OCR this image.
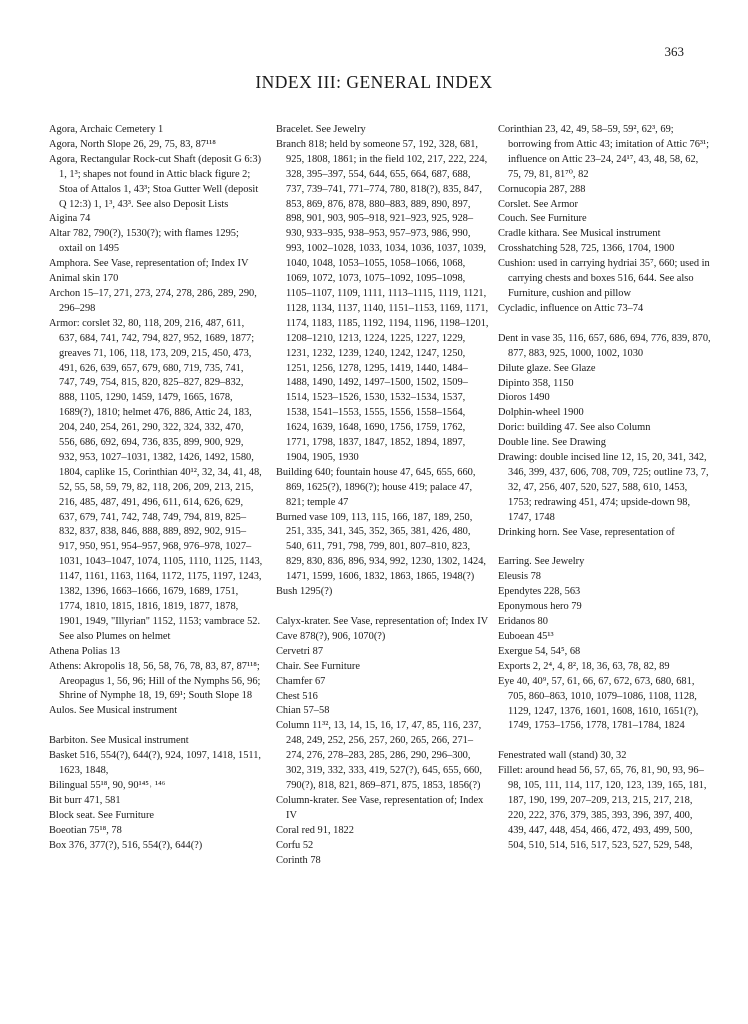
363
INDEX III: GENERAL INDEX
Agora, Archaic Cemetery 1
Agora, North Slope 26, 29, 75, 83, 87¹¹⁸
Agora, Rectangular Rock-cut Shaft (deposit G 6:3) 1, 1³; shapes not found in Attic black figure 2; Stoa of Attalos 1, 43³; Stoa Gutter Well (deposit Q 12:3) 1, 1³, 43³. See also Deposit Lists
Aigina 74
Altar 782, 790(?), 1530(?); with flames 1295; oxtail on 1495
Amphora. See Vase, representation of; Index IV
Animal skin 170
Archon 15–17, 271, 273, 274, 278, 286, 289, 290, 296–298
Armor: corslet 32, 80, 118, 209, 216, 487, 611, 637, 684, 741, 742, 794, 827, 952, 1689, 1877; greaves 71, 106, 118, 173, 209, 215, 450, 473, 491, 626, 639, 657, 679, 680, 719, 735, 741, 747, 749, 754, 815, 820, 825–827, 829–832, 888, 1105, 1290, 1459, 1479, 1665, 1678, 1689(?), 1810; helmet 476, 886, Attic 24, 183, 204, 240, 254, 261, 290, 322, 324, 332, 470, 556, 686, 692, 694, 736, 835, 899, 900, 929, 932, 953, 1027–1031, 1382, 1426, 1492, 1580, 1804, caplike 15, Corinthian 40¹², 32, 34, 41, 48, 52, 55, 58, 59, 79, 82, 118, 206, 209, 213, 215, 216, 485, 487, 491, 496, 611, 614, 626, 629, 637, 679, 741, 742, 748, 749, 794, 819, 825–832, 837, 838, 846, 888, 889, 892, 902, 915–917, 950, 951, 954–957, 968, 976–978, 1027–1031, 1043–1047, 1074, 1105, 1110, 1125, 1143, 1147, 1161, 1163, 1164, 1172, 1175, 1197, 1243, 1382, 1396, 1663–1666, 1679, 1689, 1751, 1774, 1810, 1815, 1816, 1819, 1877, 1878, 1901, 1949, "Illyrian" 1152, 1153; vambrace 52. See also Plumes on helmet
Athena Polias 13
Athens: Akropolis 18, 56, 58, 76, 78, 83, 87, 87¹¹⁸; Areopagus 1, 56, 96; Hill of the Nymphs 56, 96; Shrine of Nymphe 18, 19, 69¹; South Slope 18
Aulos. See Musical instrument
Barbiton. See Musical instrument
Basket 516, 554(?), 644(?), 924, 1097, 1418, 1511, 1623, 1848,
Bilingual 55¹⁸, 90, 90¹⁴⁵˒ ¹⁴⁶
Bit burr 471, 581
Block seat. See Furniture
Boeotian 75¹⁸, 78
Box 376, 377(?), 516, 554(?), 644(?)
Bracelet. See Jewelry
Branch 818; held by someone 57, 192, 328, 681, 925, 1808, 1861; in the field 102, 217, 222, 224, 328, 395–397, 554, 644, 655, 664, 687, 688, 737, 739–741, 771–774, 780, 818(?), 835, 847, 853, 869, 876, 878, 880–883, 889, 890, 897, 898, 901, 903, 905–918, 921–923, 925, 928–930, 933–935, 938–953, 957–973, 986, 990, 993, 1002–1028, 1033, 1034, 1036, 1037, 1039, 1040, 1048, 1053–1055, 1058–1066, 1068, 1069, 1072, 1073, 1075–1092, 1095–1098, 1105–1107, 1109, 1111, 1113–1115, 1119, 1121, 1128, 1134, 1137, 1140, 1151–1153, 1169, 1171, 1174, 1183, 1185, 1192, 1194, 1196, 1198–1201, 1208–1210, 1213, 1224, 1225, 1227, 1229, 1231, 1232, 1239, 1240, 1242, 1247, 1250, 1251, 1256, 1278, 1295, 1419, 1440, 1484–1488, 1490, 1492, 1497–1500, 1502, 1509–1514, 1523–1526, 1530, 1532–1534, 1537, 1538, 1541–1553, 1555, 1556, 1558–1564, 1624, 1639, 1648, 1690, 1756, 1759, 1762, 1771, 1798, 1837, 1847, 1852, 1894, 1897, 1904, 1905, 1930
Building 640; fountain house 47, 645, 655, 660, 869, 1625(?), 1896(?); house 419; palace 47, 821; temple 47
Burned vase 109, 113, 115, 166, 187, 189, 250, 251, 335, 341, 345, 352, 365, 381, 426, 480, 540, 611, 791, 798, 799, 801, 807–810, 823, 829, 830, 836, 896, 934, 992, 1230, 1302, 1424, 1471, 1599, 1606, 1832, 1863, 1865, 1948(?)
Bush 1295(?)
Calyx-krater. See Vase, representation of; Index IV
Cave 878(?), 906, 1070(?)
Cervetri 87
Chair. See Furniture
Chamfer 67
Chest 516
Chian 57–58
Column 11³², 13, 14, 15, 16, 17, 47, 85, 116, 237, 248, 249, 252, 256, 257, 260, 265, 266, 271–274, 276, 278–283, 285, 286, 290, 296–300, 302, 319, 332, 333, 419, 527(?), 645, 655, 660, 790(?), 818, 821, 869–871, 875, 1853, 1856(?)
Column-krater. See Vase, representation of; Index IV
Coral red 91, 1822
Corfu 52
Corinth 78
Corinthian 23, 42, 49, 58–59, 59², 62³, 69; borrowing from Attic 43; imitation of Attic 76³¹; influence on Attic 23–24, 24¹⁷, 43, 48, 58, 62, 75, 79, 81, 81⁷⁰, 82
Cornucopia 287, 288
Corslet. See Armor
Couch. See Furniture
Cradle kithara. See Musical instrument
Crosshatching 528, 725, 1366, 1704, 1900
Cushion: used in carrying hydriai 35⁷, 660; used in carrying chests and boxes 516, 644. See also Furniture, cushion and pillow
Cycladic, influence on Attic 73–74
Dent in vase 35, 116, 657, 686, 694, 776, 839, 870, 877, 883, 925, 1000, 1002, 1030
Dilute glaze. See Glaze
Dipinto 358, 1150
Dioros 1490
Dolphin-wheel 1900
Doric: building 47. See also Column
Double line. See Drawing
Drawing: double incised line 12, 15, 20, 341, 342, 346, 399, 437, 606, 708, 709, 725; outline 73, 7, 32, 47, 256, 407, 520, 527, 588, 610, 1453, 1753; redrawing 451, 474; upside-down 98, 1747, 1748
Drinking horn. See Vase, representation of
Earring. See Jewelry
Eleusis 78
Ependytes 228, 563
Eponymous hero 79
Eridanos 80
Euboean 45¹³
Exergue 54, 54⁵, 68
Exports 2, 2⁴, 4, 8², 18, 36, 63, 78, 82, 89
Eye 40, 40⁹, 57, 61, 66, 67, 672, 673, 680, 681, 705, 860–863, 1010, 1079–1086, 1108, 1128, 1129, 1247, 1376, 1601, 1608, 1610, 1651(?), 1749, 1753–1756, 1778, 1781–1784, 1824
Fenestrated wall (stand) 30, 32
Fillet: around head 56, 57, 65, 76, 81, 90, 93, 96–98, 105, 111, 114, 117, 120, 123, 139, 165, 181, 187, 190, 199, 207–209, 213, 215, 217, 218, 220, 222, 376, 379, 385, 393, 396, 397, 400, 439, 447, 448, 454, 466, 472, 493, 499, 500, 504, 510, 514, 516, 517, 523, 527, 529, 548,
